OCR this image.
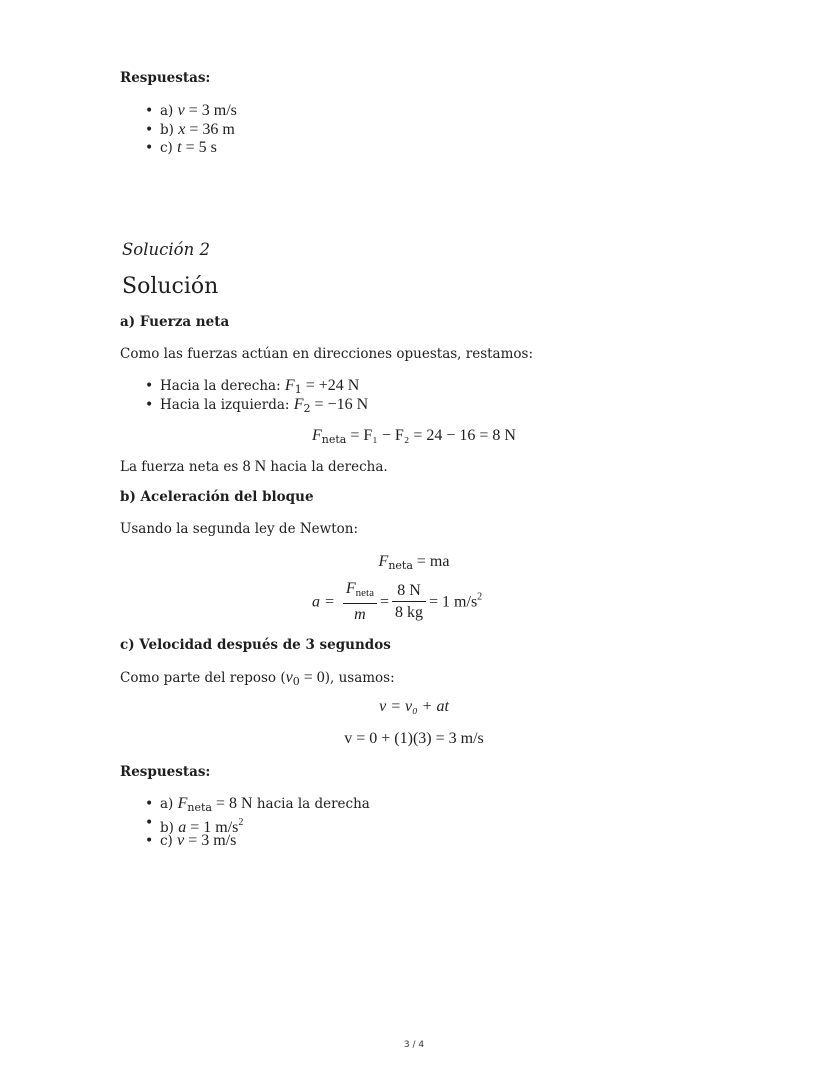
Respuestas:
• a) v = 3 m/s
• b) x = 36 m
• c) t = 5 s
Solución 2
Solución
a) Fuerza neta
Como las fuerzas actúan en direcciones opuestas, restamos:
• Hacia la derecha: $F_1 = +24$ N
• Hacia la izquierda: $F_2 = -16$ N
$F_{neta} = F_1 - F_2 = 24 - 16 = 8$ N
La fuerza neta es 8 N hacia la derecha.
b) Aceleración del bloque
Usando la segunda ley de Newton:
$F_{neta}$ = ma
$a = \frac{F_{neta}}{m} = \frac{8 N}{8 kg} = 1$ $m/s^2$
c) Velocidad después de 3 segundos
Como parte del reposo $(v_0 = 0)$, usamos:
v = v₀ + at
v = 0 + (1)(3) = 3 m/s
Respuestas:
• a) $F_{neta} = 8$ N hacia la derecha
• b) a = 1 $m/s^2$
• c) v = 3 m/s
3 / 4
